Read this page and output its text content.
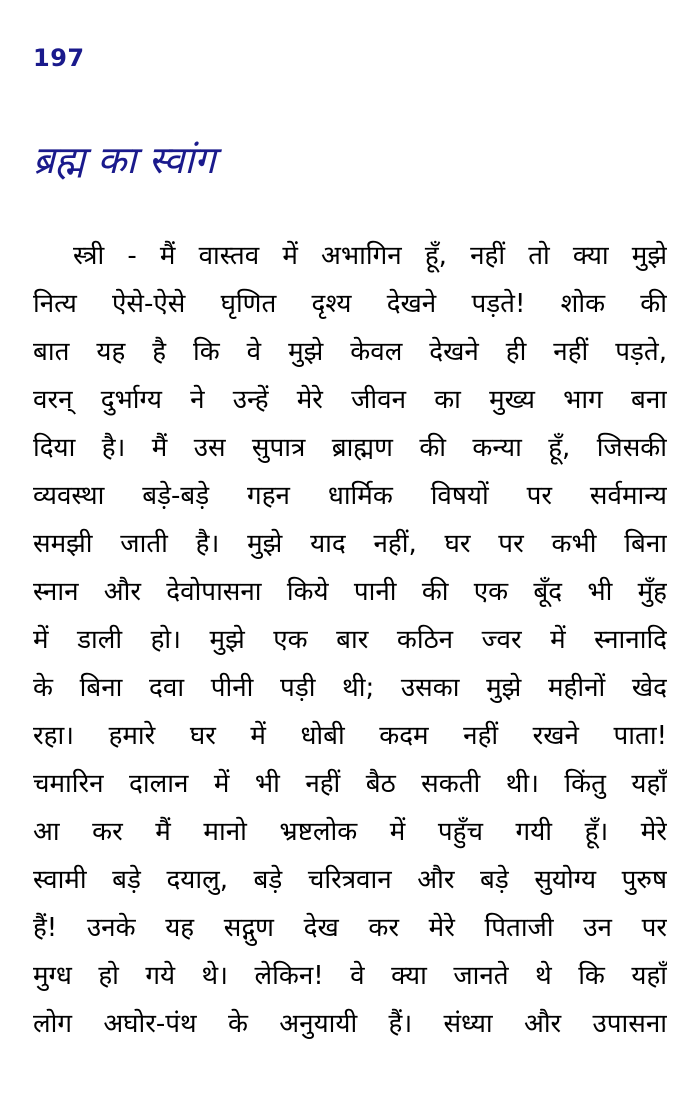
197
ब्रह्म का स्वांग
स्त्री - मैं वास्तव में अभागिन हूँ, नहीं तो क्या मुझे
नित्य ऐसे-ऐसे घृणित दृश्य देखने पड़ते! शोक की
बात यह है कि वे मुझे केवल देखने ही नहीं पड़ते,
वरन् दुर्भाग्य ने उन्हें मेरे जीवन का मुख्य भाग बना
दिया है। मैं उस सुपात्र ब्राह्मण की कन्या हूँ, जिसकी
व्यवस्था बड़े-बड़े गहन धार्मिक विषयों पर सर्वमान्य
समझी जाती है। मुझे याद नहीं, घर पर कभी बिना
स्नान और देवोपासना किये पानी की एक बूँद भी मुँह
में डाली हो। मुझे एक बार कठिन ज्वर में स्नानादि
के बिना दवा पीनी पड़ी थी; उसका मुझे महीनों खेद
रहा। हमारे घर में धोबी कदम नहीं रखने पाता!
चमारिन दालान में भी नहीं बैठ सकती थी। किंतु यहाँ
आ कर मैं मानो भ्रष्टलोक में पहुँच गयी हूँ। मेरे
स्वामी बड़े दयालु, बड़े चरित्रवान और बड़े सुयोग्य पुरुष
हैं! उनके यह सद्गुण देख कर मेरे पिताजी उन पर
मुग्ध हो गये थे। लेकिन! वे क्या जानते थे कि यहाँ
लोग अघोर-पंथ के अनुयायी हैं। संध्या और उपासना
